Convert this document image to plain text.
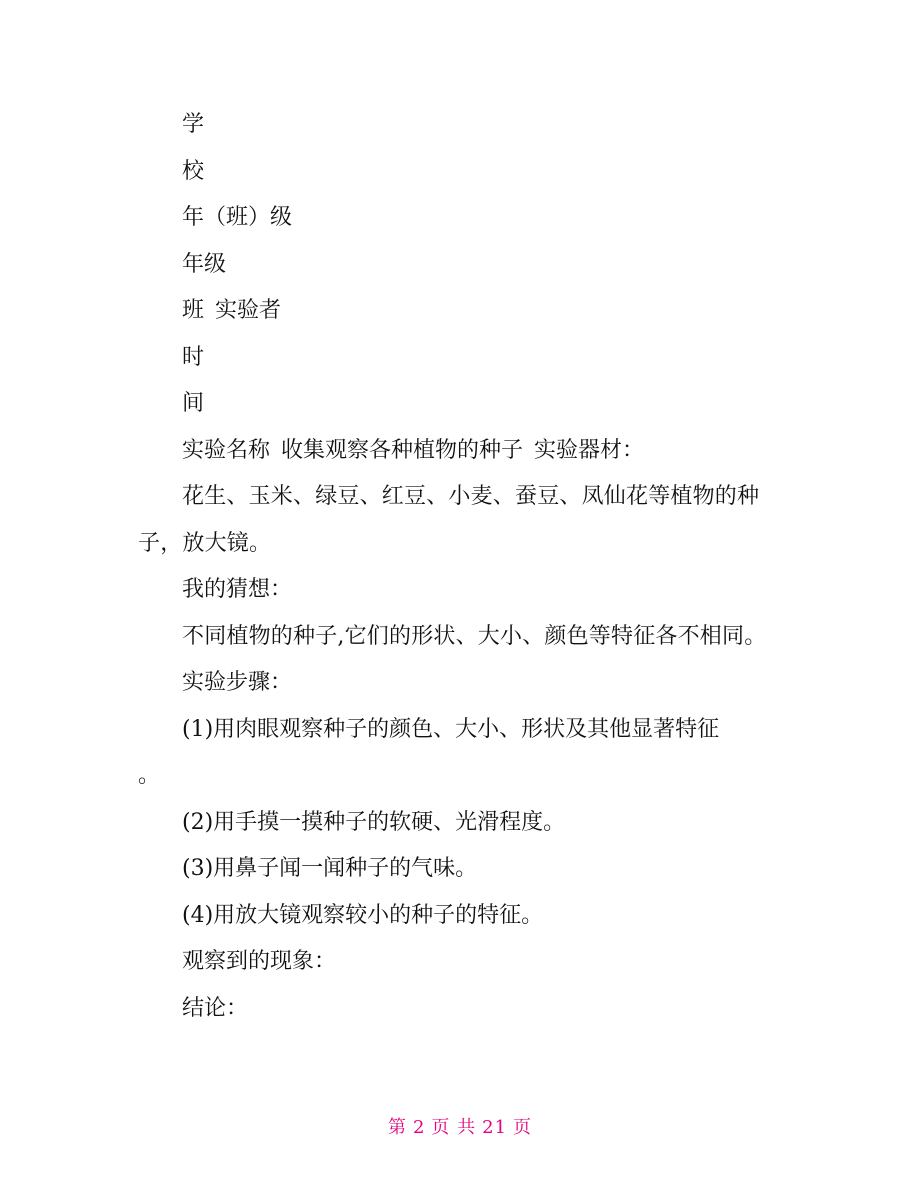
学
校
年（班）级
年级
班 实验者
时
间
实验名称 收集观察各种植物的种子 实验器材：
花生、玉米、绿豆、红豆、小麦、蚕豆、凤仙花等植物的种子，放大镜。
我的猜想：
不同植物的种子,它们的形状、大小、颜色等特征各不相同。
实验步骤：
(1)用肉眼观察种子的颜色、大小、形状及其他显著特征
。
(2)用手摸一摸种子的软硬、光滑程度。
(3)用鼻子闻一闻种子的气味。
(4)用放大镜观察较小的种子的特征。
观察到的现象：
结论：
第 2 页 共 21 页
